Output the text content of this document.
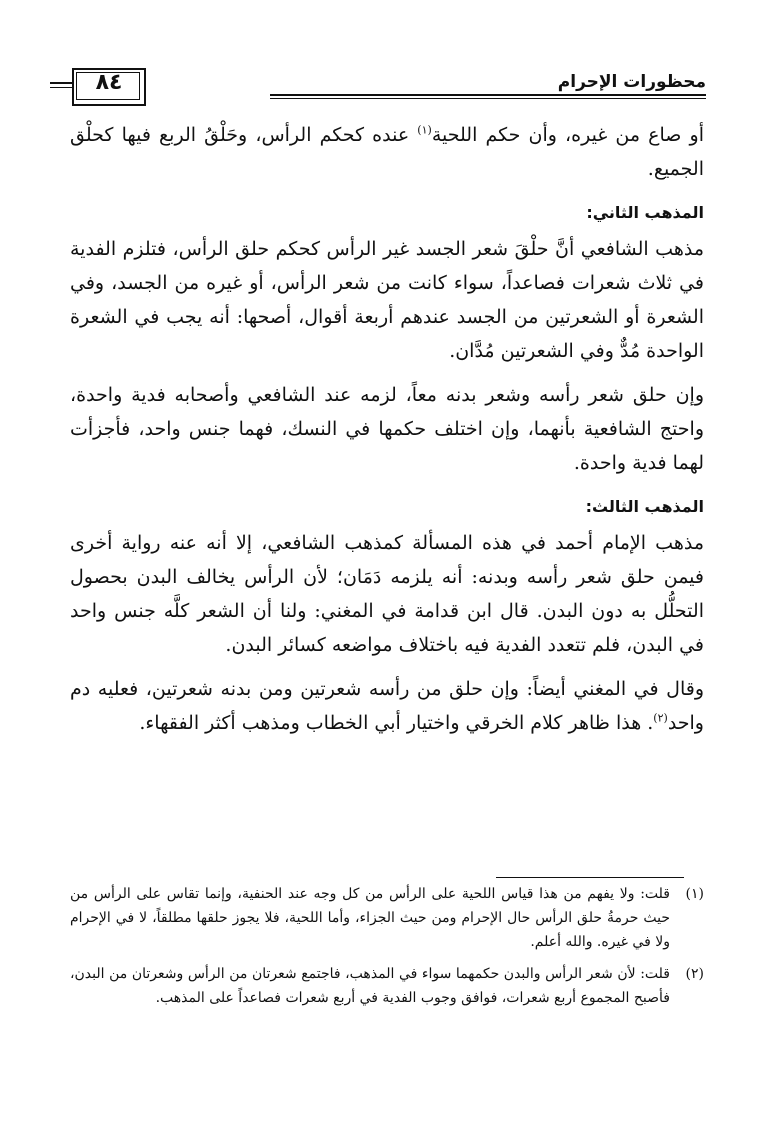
محظورات الإحرام
٨٤

أو صاع من غيره، وأن حكم اللحية$^{(١)}$ عنده كحكم الرأس، وحَلْقُ الربع فيها كحلْق الجميع.

المذهب الثاني:

مذهب الشافعي أنَّ حلْقَ شعر الجسد غير الرأس كحكم حلق الرأس، فتلزم الفدية في ثلاث شعرات فصاعداً، سواء كانت من شعر الرأس، أو غيره من الجسد، وفي الشعرة أو الشعرتين من الجسد عندهم أربعة أقوال، أصحها: أنه يجب في الشعرة الواحدة مُدٌّ وفي الشعرتين مُدَّان.

وإن حلق شعر رأسه وشعر بدنه معاً، لزمه عند الشافعي وأصحابه فدية واحدة، واحتج الشافعية بأنهما، وإن اختلف حكمها في النسك، فهما جنس واحد، فأجزأت لهما فدية واحدة.

المذهب الثالث:

مذهب الإمام أحمد في هذه المسألة كمذهب الشافعي، إلا أنه عنه رواية أخرى فيمن حلق شعر رأسه وبدنه: أنه يلزمه دَمَان؛ لأن الرأس يخالف البدن بحصول التحلُّل به دون البدن. قال ابن قدامة في المغني: ولنا أن الشعر كلَّه جنس واحد في البدن، فلم تتعدد الفدية فيه باختلاف مواضعه كسائر البدن.

وقال في المغني أيضاً: وإن حلق من رأسه شعرتين ومن بدنه شعرتين، فعليه دم واحد$^{(٢)}$. هذا ظاهر كلام الخرقي واختيار أبي الخطاب ومذهب أكثر الفقهاء.

(١)
قلت: ولا يفهم من هذا قياس اللحية على الرأس من كل وجه عند الحنفية، وإنما تقاس على الرأس من حيث حرمةُ حلق الرأس حال الإحرام ومن حيث الجزاء، وأما اللحية، فلا يجوز حلقها مطلقاً، لا في الإحرام ولا في غيره. والله أعلم.
(٢)
قلت: لأن شعر الرأس والبدن حكمهما سواء في المذهب، فاجتمع شعرتان من الرأس وشعرتان من البدن، فأصبح المجموع أربع شعرات، فوافق وجوب الفدية في أربع شعرات فصاعداً على المذهب.
